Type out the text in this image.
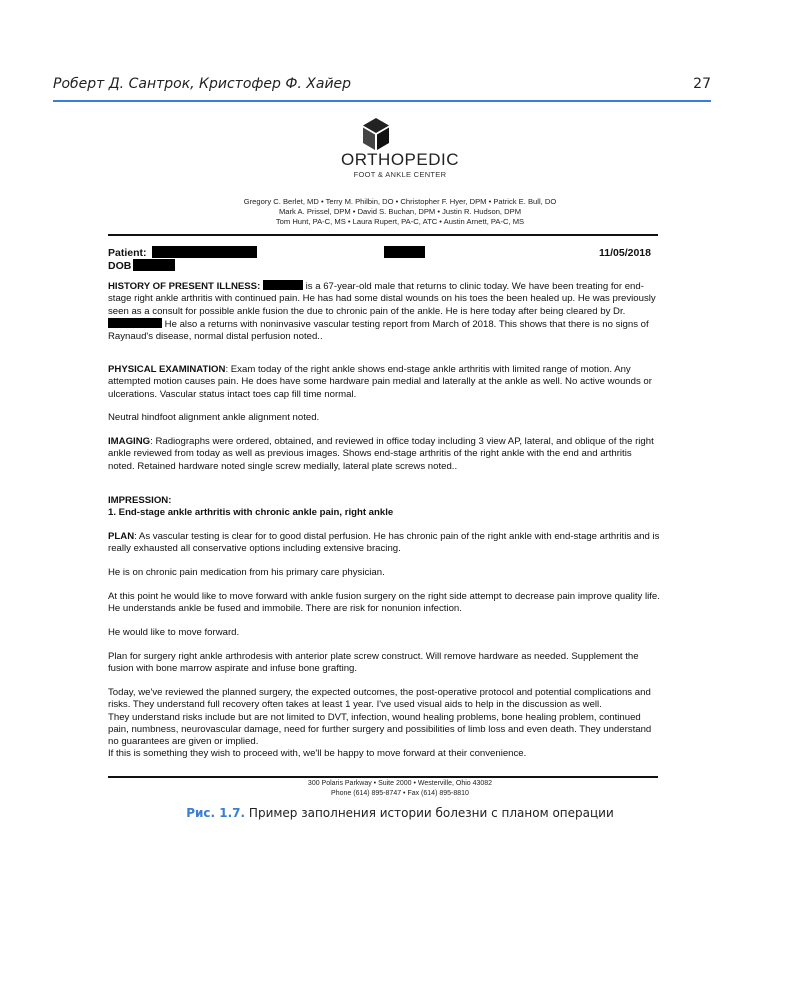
Роберт Д. Сантрок, Кристофер Ф. Хайер	27
ORTHOPEDIC
FOOT & ANKLE CENTER
Gregory C. Berlet, MD • Terry M. Philbin, DO • Christopher F. Hyer, DPM • Patrick E. Bull, DO
Mark A. Prissel, DPM • David S. Buchan, DPM • Justin R. Hudson, DPM
Tom Hunt, PA-C, MS • Laura Rupert, PA-C, ATC • Austin Arnett, PA-C, MS
Patient:
DOB
11/05/2018

HISTORY OF PRESENT ILLNESS:	is a 67-year-old male that returns to clinic today. We have been treating for end-stage right ankle arthritis with continued pain. He has had some distal wounds on his toes the been healed up. He was previously seen as a consult for possible ankle fusion the due to chronic pain of the ankle. He is here today after being cleared by Dr.  He also a returns with noninvasive vascular testing report from March of 2018. This shows that there is no signs of Raynaud's disease, normal distal perfusion noted..

PHYSICAL EXAMINATION: Exam today of the right ankle shows end-stage ankle arthritis with limited range of motion. Any attempted motion causes pain. He does have some hardware pain medial and laterally at the ankle as well. No active wounds or ulcerations. Vascular status intact toes cap fill time normal.

Neutral hindfoot alignment ankle alignment noted.

IMAGING: Radiographs were ordered, obtained, and reviewed in office today including 3 view AP, lateral, and oblique of the right ankle reviewed from today as well as previous images. Shows end-stage arthritis of the right ankle with the end and arthritis noted. Retained hardware noted single screw medially, lateral plate screws noted..

IMPRESSION:

1. End-stage ankle arthritis with chronic ankle pain, right ankle

PLAN: As vascular testing is clear for to good distal perfusion. He has chronic pain of the right ankle with end-stage arthritis and is really exhausted all conservative options including extensive bracing.

He is on chronic pain medication from his primary care physician.

At this point he would like to move forward with ankle fusion surgery on the right side attempt to decrease pain improve quality life. He understands ankle be fused and immobile. There are risk for nonunion infection.

He would like to move forward.

Plan for surgery right ankle arthrodesis with anterior plate screw construct. Will remove hardware as needed. Supplement the fusion with bone marrow aspirate and infuse bone grafting.

Today, we've reviewed the planned surgery, the expected outcomes, the post-operative protocol and potential complications and risks. They understand full recovery often takes at least 1 year. I've used visual aids to help in the discussion as well.

They understand risks include but are not limited to DVT, infection, wound healing problems, bone healing problem, continued pain, numbness, neurovascular damage, need for further surgery and possibilities of limb loss and even death. They understand no guarantees are given or implied.

If this is something they wish to proceed with, we'll be happy to move forward at their convenience.

300 Polaris Parkway • Suite 2000 • Westerville, Ohio 43082
Phone (614) 895-8747 • Fax (614) 895-8810
Рис. 1.7. Пример заполнения истории болезни с планом операции
